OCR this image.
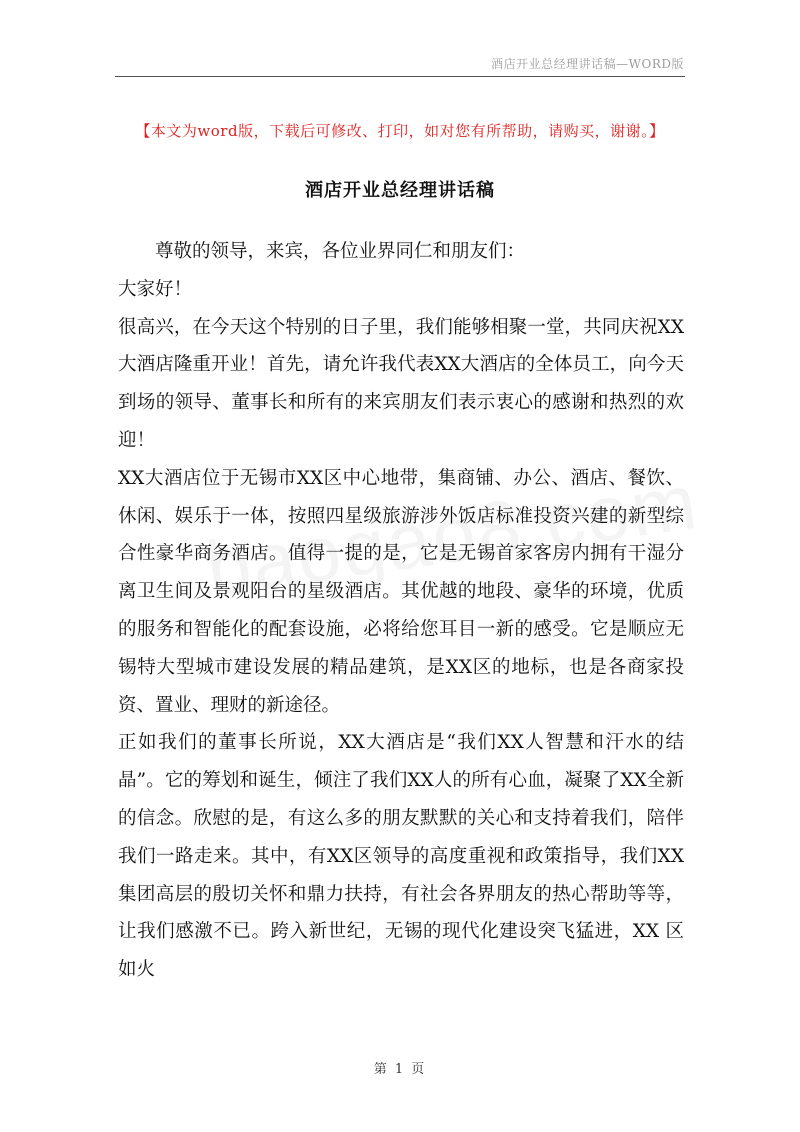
酒店开业总经理讲话稿—WORD版
【本文为word版，下载后可修改、打印，如对您有所帮助，请购买，谢谢。】
酒店开业总经理讲话稿

尊敬的领导，来宾，各位业界同仁和朋友们：

大家好！

很高兴，在今天这个特别的日子里，我们能够相聚一堂，共同庆祝XX大酒店隆重开业！首先，请允许我代表XX大酒店的全体员工，向今天到场的领导、董事长和所有的来宾朋友们表示衷心的感谢和热烈的欢迎！

XX大酒店位于无锡市XX区中心地带，集商铺、办公、酒店、餐饮、休闲、娱乐于一体，按照四星级旅游涉外饭店标准投资兴建的新型综合性豪华商务酒店。值得一提的是，它是无锡首家客房内拥有干湿分离卫生间及景观阳台的星级酒店。其优越的地段、豪华的环境，优质的服务和智能化的配套设施，必将给您耳目一新的感受。它是顺应无锡特大型城市建设发展的精品建筑，是XX区的地标，也是各商家投资、置业、理财的新途径。

正如我们的董事长所说，XX大酒店是“我们XX人智慧和汗水的结晶”。它的筹划和诞生，倾注了我们XX人的所有心血，凝聚了XX全新的信念。欣慰的是，有这么多的朋友默默的关心和支持着我们，陪伴我们一路走来。其中，有XX区领导的高度重视和政策指导，我们XX集团高层的殷切关怀和鼎力扶持，有社会各界朋友的热心帮助等等，让我们感激不已。跨入新世纪，无锡的现代化建设突飞猛进，XX 区如火

第 1 页
